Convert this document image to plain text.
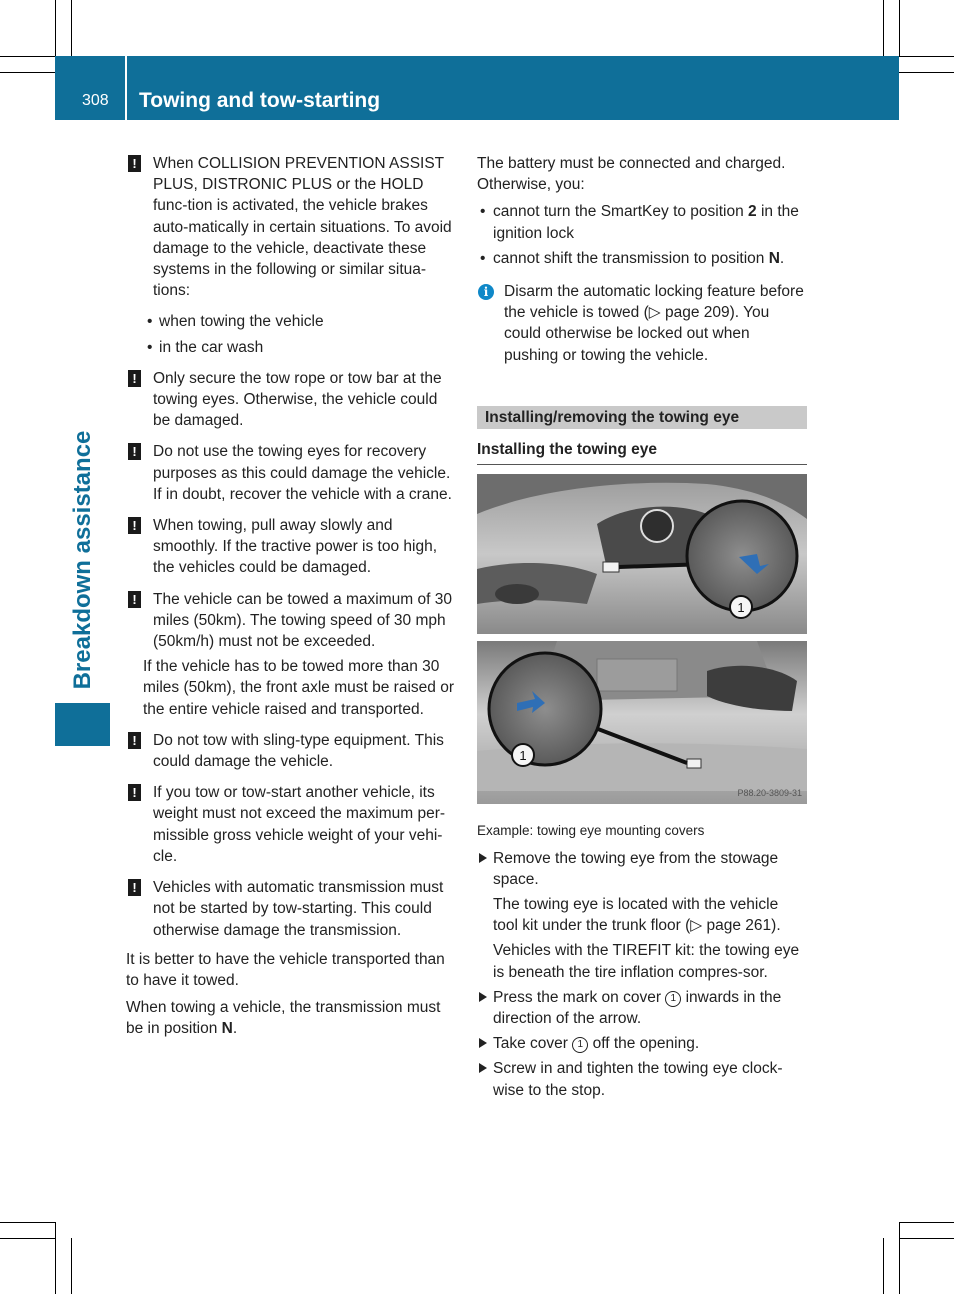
308 Towing and tow-starting
Breakdown assistance
!	When COLLISION PREVENTION ASSIST PLUS, DISTRONIC PLUS or the HOLD func-tion is activated, the vehicle brakes auto-matically in certain situations. To avoid damage to the vehicle, deactivate these systems in the following or similar situa-tions:
• when towing the vehicle
• in the car wash
!	Only secure the tow rope or tow bar at the towing eyes. Otherwise, the vehicle could be damaged.
!	Do not use the towing eyes for recovery purposes as this could damage the vehicle. If in doubt, recover the vehicle with a crane.
!	When towing, pull away slowly and smoothly. If the tractive power is too high, the vehicles could be damaged.
!	The vehicle can be towed a maximum of 30 miles (50km). The towing speed of 30 mph (50km/h) must not be exceeded.
If the vehicle has to be towed more than 30 miles (50km), the front axle must be raised or the entire vehicle raised and transported.
!	Do not tow with sling-type equipment. This could damage the vehicle.
!	If you tow or tow-start another vehicle, its weight must not exceed the maximum per-missible gross vehicle weight of your vehi-cle.
!	Vehicles with automatic transmission must not be started by tow-starting. This could otherwise damage the transmission.
It is better to have the vehicle transported than to have it towed.
When towing a vehicle, the transmission must be in position N.
The battery must be connected and charged. Otherwise, you:
• cannot turn the SmartKey to position 2 in the ignition lock
• cannot shift the transmission to position N.
i	Disarm the automatic locking feature before the vehicle is towed (▷ page 209). You could otherwise be locked out when pushing or towing the vehicle.
Installing/removing the towing eye
Installing the towing eye
1
1
P88.20-3809-31
Example: towing eye mounting covers
Remove the towing eye from the stowage space.
The towing eye is located with the vehicle tool kit under the trunk floor (▷ page 261).
Vehicles with the TIREFIT kit: the towing eye is beneath the tire inflation compres-sor.
Press the mark on cover 1 inwards in the direction of the arrow.
Take cover 1 off the opening.
Screw in and tighten the towing eye clock-wise to the stop.
